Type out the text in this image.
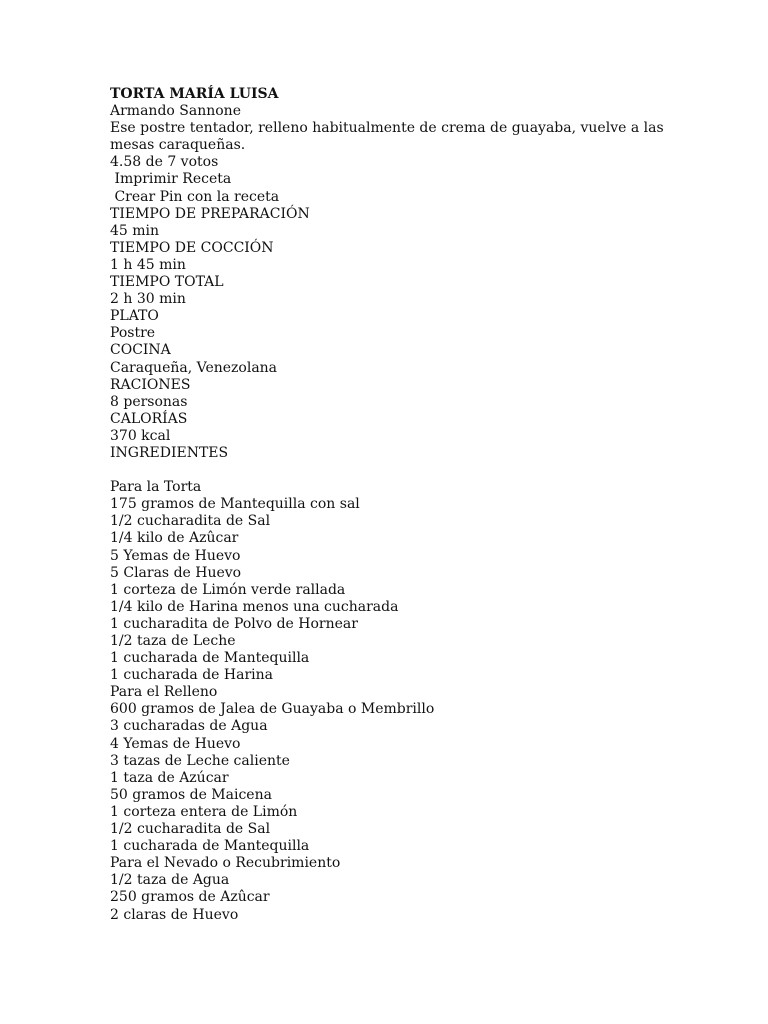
TORTA MARÍA LUISA
Armando Sannone
Ese postre tentador, relleno habitualmente de crema de guayaba, vuelve a las mesas caraqueñas.
4.58 de 7 votos
Imprimir Receta
Crear Pin con la receta
TIEMPO DE PREPARACIÓN
45 min
TIEMPO DE COCCIÓN
1 h 45 min
TIEMPO TOTAL
2 h 30 min
PLATO
Postre
COCINA
Caraqueña, Venezolana
RACIONES
8 personas
CALORÍAS
370 kcal
INGREDIENTES
Para la Torta
175 gramos de Mantequilla con sal
1/2 cucharadita de Sal
1/4 kilo de Azûcar
5 Yemas de Huevo
5 Claras de Huevo
1 corteza de Limón verde rallada
1/4 kilo de Harina menos una cucharada
1 cucharadita de Polvo de Hornear
1/2 taza de Leche
1 cucharada de Mantequilla
1 cucharada de Harina
Para el Relleno
600 gramos de Jalea de Guayaba o Membrillo
3 cucharadas de Agua
4 Yemas de Huevo
3 tazas de Leche caliente
1 taza de Azúcar
50 gramos de Maicena
1 corteza entera de Limón
1/2 cucharadita de Sal
1 cucharada de Mantequilla
Para el Nevado o Recubrimiento
1/2 taza de Agua
250 gramos de Azûcar
2 claras de Huevo
